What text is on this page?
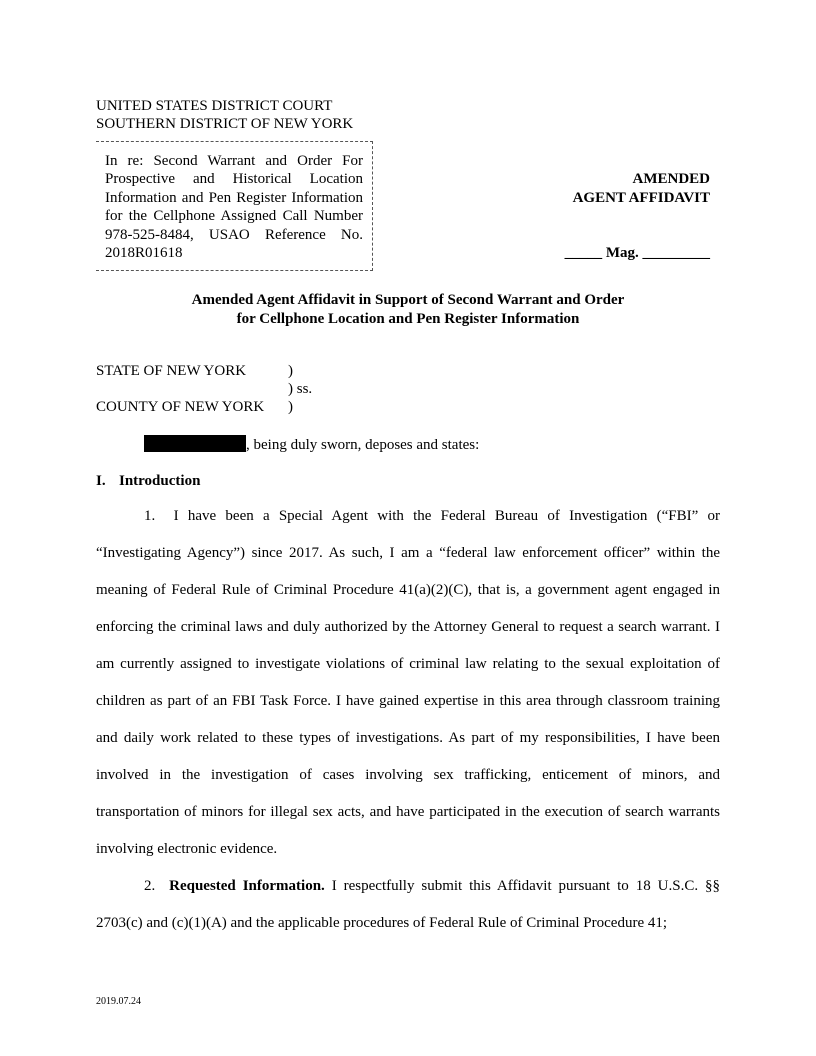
UNITED STATES DISTRICT COURT
SOUTHERN DISTRICT OF NEW YORK
In re: Second Warrant and Order For Prospective and Historical Location Information and Pen Register Information for the Cellphone Assigned Call Number 978-525-8484, USAO Reference No. 2018R01618
AMENDED
AGENT AFFIDAVIT
_____ Mag. _________
Amended Agent Affidavit in Support of Second Warrant and Order
for Cellphone Location and Pen Register Information
STATE OF NEW YORK
COUNTY OF NEW YORK
)
) ss.
)
, being duly sworn, deposes and states:
I. Introduction

1.  I have been a Special Agent with the Federal Bureau of Investigation (“FBI” or “Investigating Agency”) since 2017. As such, I am a “federal law enforcement officer” within the meaning of Federal Rule of Criminal Procedure 41(a)(2)(C), that is, a government agent engaged in enforcing the criminal laws and duly authorized by the Attorney General to request a search warrant. I am currently assigned to investigate violations of criminal law relating to the sexual exploitation of children as part of an FBI Task Force. I have gained expertise in this area through classroom training and daily work related to these types of investigations. As part of my responsibilities, I have been involved in the investigation of cases involving sex trafficking, enticement of minors, and transportation of minors for illegal sex acts, and have participated in the execution of search warrants involving electronic evidence.

2. Requested Information. I respectfully submit this Affidavit pursuant to 18 U.S.C. §§ 2703(c) and (c)(1)(A) and the applicable procedures of Federal Rule of Criminal Procedure 41;

2019.07.24
